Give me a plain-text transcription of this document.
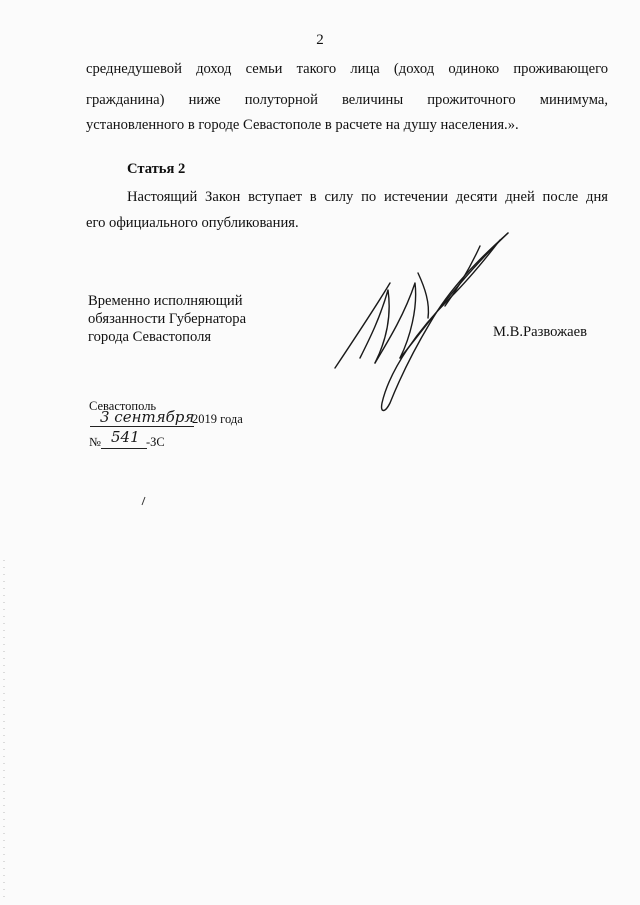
2
среднедушевой доход семьи такого лица (доход одиноко проживающего
гражданина) ниже полуторной величины прожиточного минимума,
установленного в городе Севастополе в расчете на душу населения.».
Статья 2
Настоящий Закон вступает в силу по истечении десяти дней после дня
его официального опубликования.
Временно исполняющий
обязанности Губернатора
города Севастополя	М.В.Развожаев
Севастополь
3 сентября
2019 года
№ 541 -ЗС
